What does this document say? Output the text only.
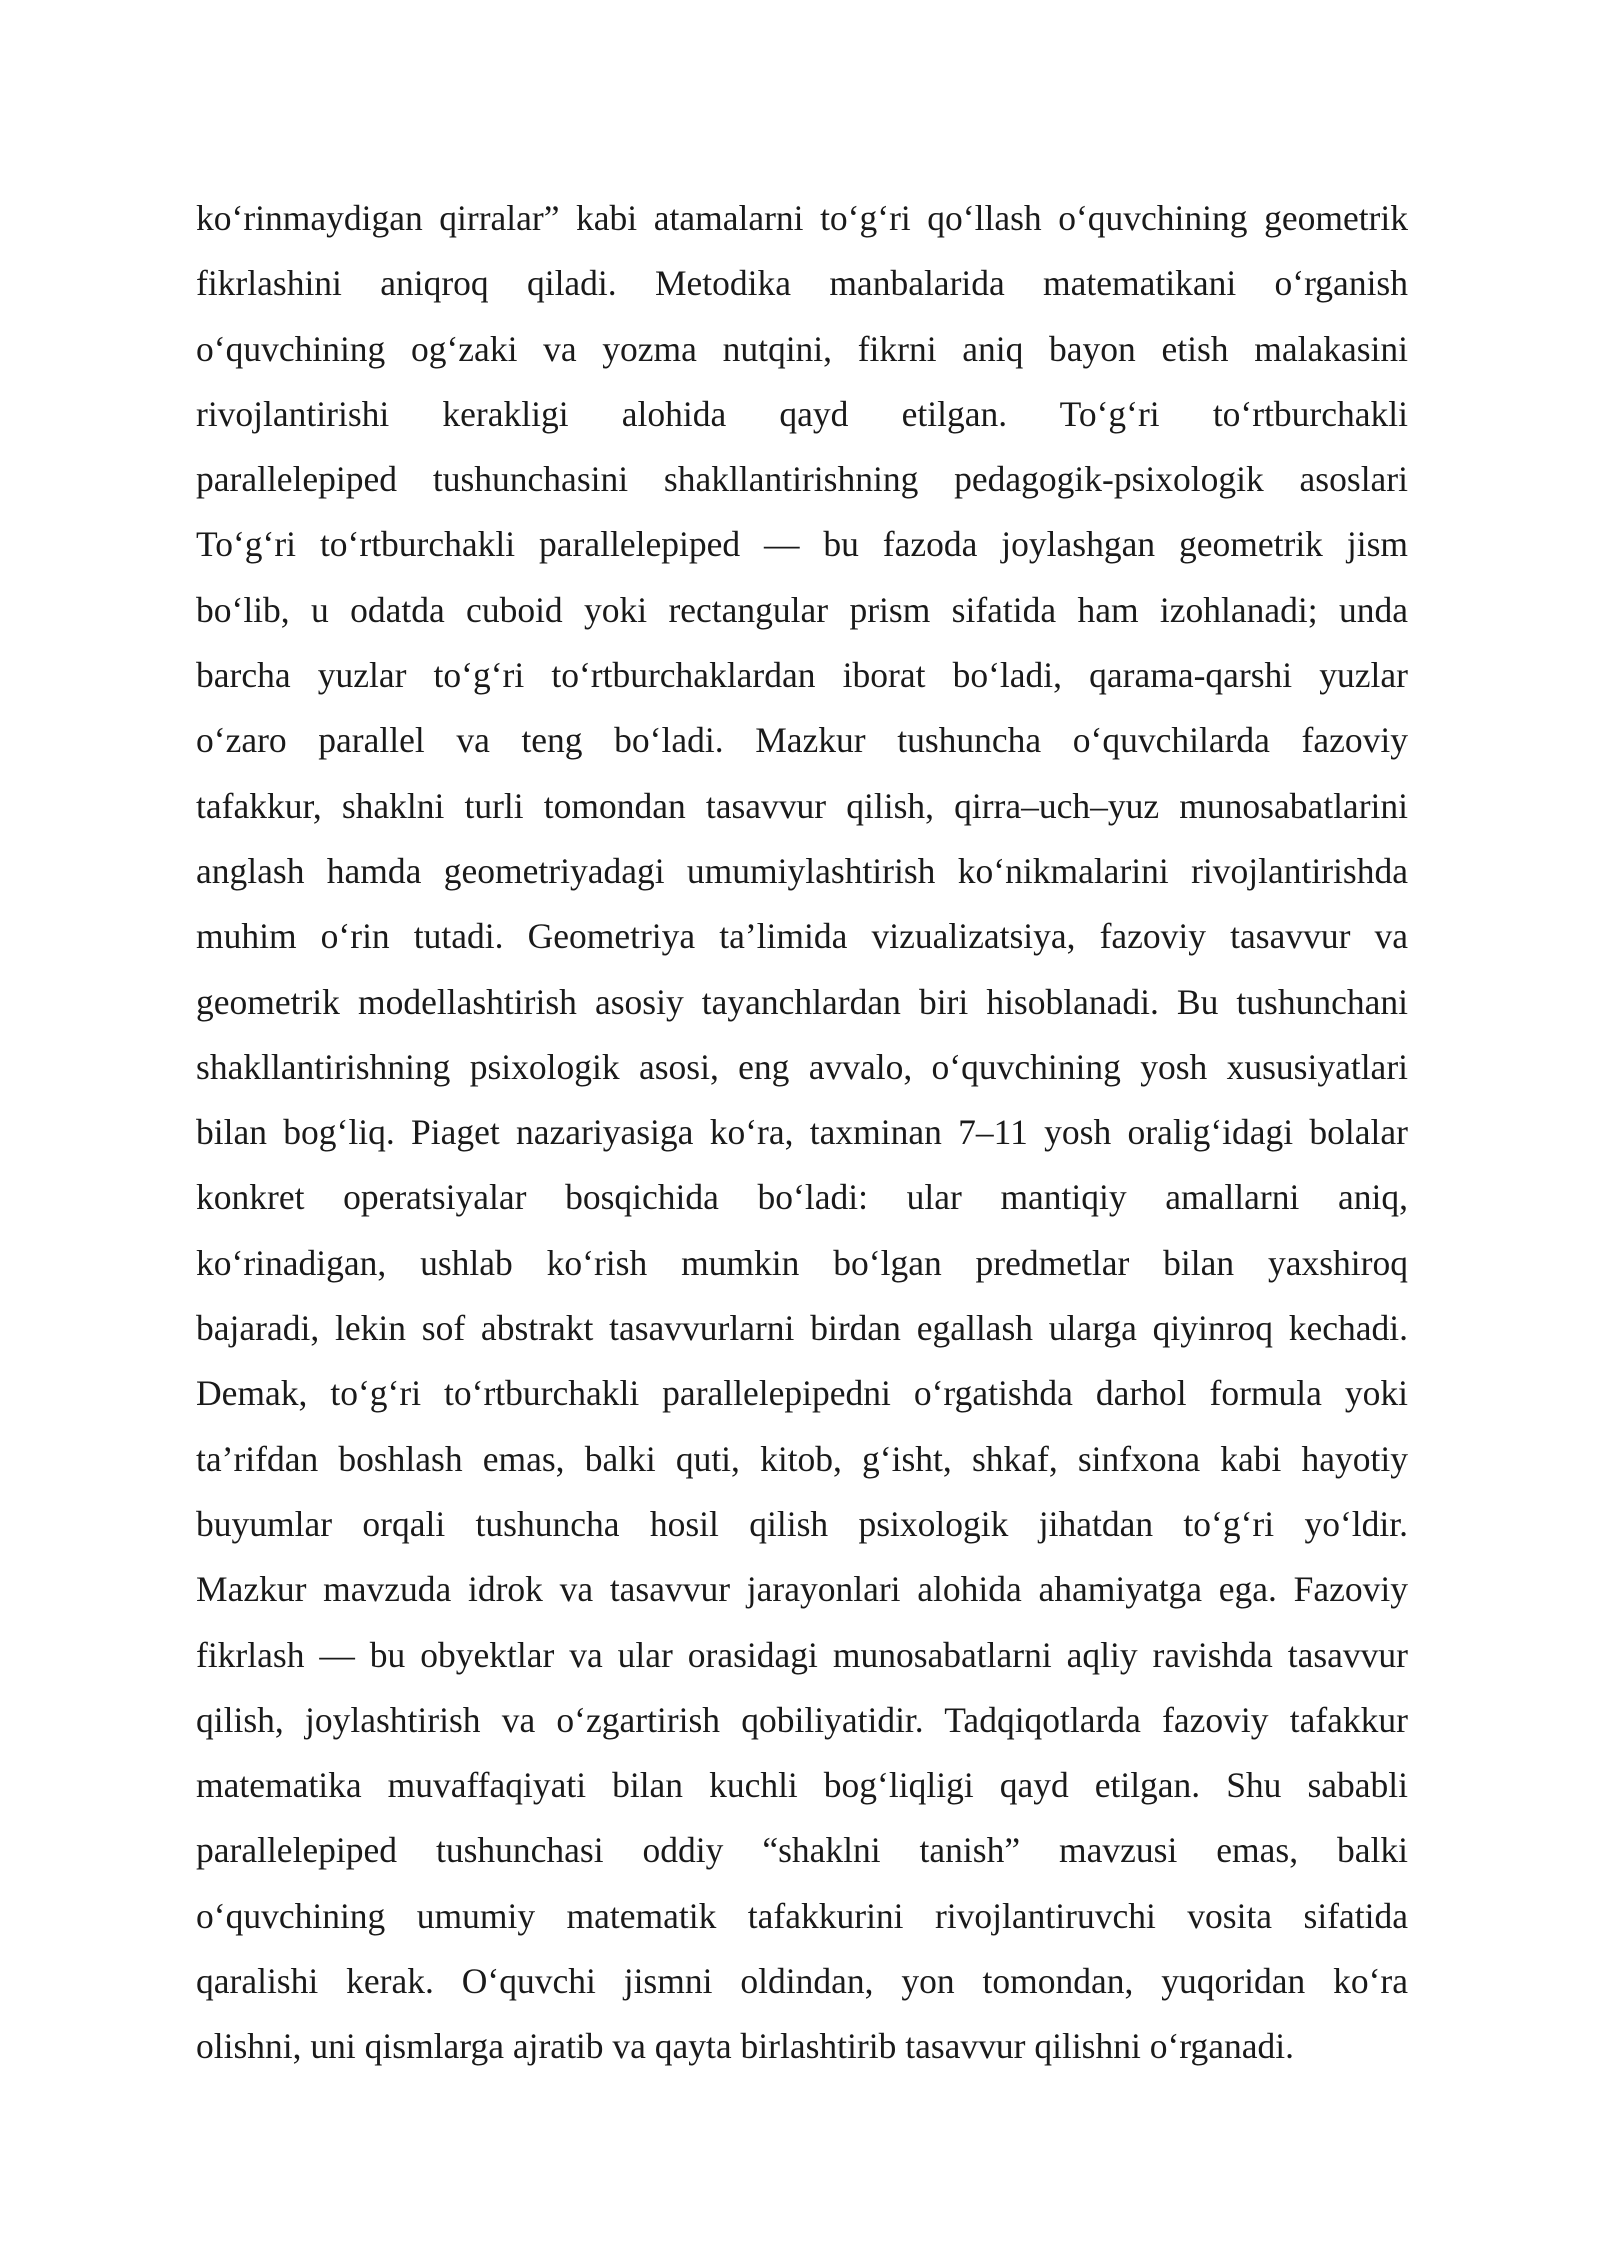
ko‘rinmaydigan qirralar” kabi atamalarni to‘g‘ri qo‘llash o‘quvchining geometrik
fikrlashini aniqroq qiladi. Metodika manbalarida matematikani o‘rganish
o‘quvchining og‘zaki va yozma nutqini, fikrni aniq bayon etish malakasini
rivojlantirishi kerakligi alohida qayd etilgan. To‘g‘ri to‘rtburchakli
parallelepiped tushunchasini shakllantirishning pedagogik-psixologik asoslari
To‘g‘ri to‘rtburchakli parallelepiped — bu fazoda joylashgan geometrik jism
bo‘lib, u odatda cuboid yoki rectangular prism sifatida ham izohlanadi; unda
barcha yuzlar to‘g‘ri to‘rtburchaklardan iborat bo‘ladi, qarama-qarshi yuzlar
o‘zaro parallel va teng bo‘ladi. Mazkur tushuncha o‘quvchilarda fazoviy
tafakkur, shaklni turli tomondan tasavvur qilish, qirra–uch–yuz munosabatlarini
anglash hamda geometriyadagi umumiylashtirish ko‘nikmalarini rivojlantirishda
muhim o‘rin tutadi. Geometriya ta’limida vizualizatsiya, fazoviy tasavvur va
geometrik modellashtirish asosiy tayanchlardan biri hisoblanadi. Bu tushunchani
shakllantirishning psixologik asosi, eng avvalo, o‘quvchining yosh xususiyatlari
bilan bog‘liq. Piaget nazariyasiga ko‘ra, taxminan 7–11 yosh oralig‘idagi bolalar
konkret operatsiyalar bosqichida bo‘ladi: ular mantiqiy amallarni aniq,
ko‘rinadigan, ushlab ko‘rish mumkin bo‘lgan predmetlar bilan yaxshiroq
bajaradi, lekin sof abstrakt tasavvurlarni birdan egallash ularga qiyinroq kechadi.
Demak, to‘g‘ri to‘rtburchakli parallelepipedni o‘rgatishda darhol formula yoki
ta’rifdan boshlash emas, balki quti, kitob, g‘isht, shkaf, sinfxona kabi hayotiy
buyumlar orqali tushuncha hosil qilish psixologik jihatdan to‘g‘ri yo‘ldir.
Mazkur mavzuda idrok va tasavvur jarayonlari alohida ahamiyatga ega. Fazoviy
fikrlash — bu obyektlar va ular orasidagi munosabatlarni aqliy ravishda tasavvur
qilish, joylashtirish va o‘zgartirish qobiliyatidir. Tadqiqotlarda fazoviy tafakkur
matematika muvaffaqiyati bilan kuchli bog‘liqligi qayd etilgan. Shu sababli
parallelepiped tushunchasi oddiy “shaklni tanish” mavzusi emas, balki
o‘quvchining umumiy matematik tafakkurini rivojlantiruvchi vosita sifatida
qaralishi kerak. O‘quvchi jismni oldindan, yon tomondan, yuqoridan ko‘ra
olishni, uni qismlarga ajratib va qayta birlashtirib tasavvur qilishni o‘rganadi.
